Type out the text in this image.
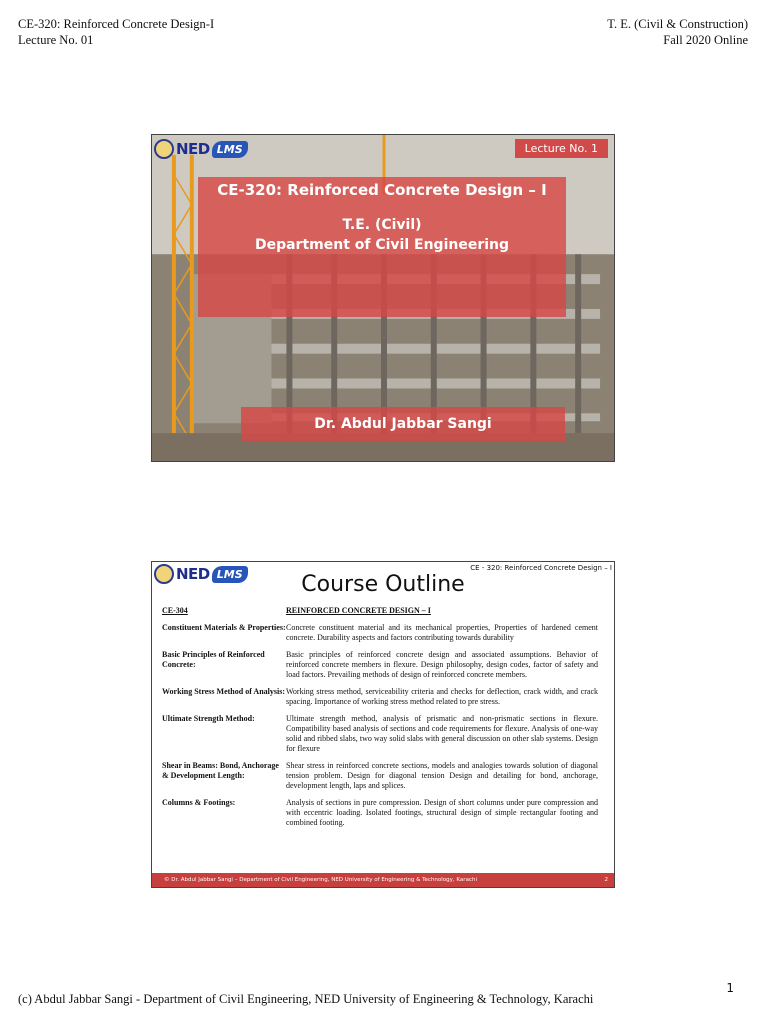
CE-320: Reinforced Concrete Design-I
Lecture No. 01
T. E. (Civil & Construction)
Fall 2020 Online
NED LMS	Lecture No. 1
CE-320: Reinforced Concrete Design – I
T.E. (Civil)
Department of Civil Engineering
Dr. Abdul Jabbar Sangi
NED LMS	CE - 320: Reinforced Concrete Design – I
Course Outline
CE-304	REINFORCED CONCRETE DESIGN – I
Constituent Materials & Properties: Concrete constituent material and its mechanical properties, Properties of hardened cement concrete. Durability aspects and factors contributing towards durability
Basic Principles of Reinforced Concrete:
Basic principles of reinforced concrete design and associated assumptions. Behavior of reinforced concrete members in flexure. Design philosophy, design codes, factor of safety and load factors. Prevailing methods of design of reinforced concrete members.
Working Stress Method of Analysis: Working stress method, serviceability criteria and checks for deflection, crack width, and crack spacing. Importance of working stress method related to pre stress.
Ultimate Strength Method:	Ultimate strength method, analysis of prismatic and non-prismatic sections in flexure. Compatibility based analysis of sections and code requirements for flexure. Analysis of one-way solid and ribbed slabs, two way solid slabs with general discussion on other slab systems. Design for flexure
Shear in Beams: Bond, Anchorage & Development Length:
Shear stress in reinforced concrete sections, models and analogies towards solution of diagonal tension problem. Design for diagonal tension Design and detailing for bond, anchorage, development length, laps and splices.
Columns & Footings:	Analysis of sections in pure compression. Design of short columns under pure compression and with eccentric loading. Isolated footings, structural design of simple rectangular footing and combined footing.
© Dr. Abdul Jabbar Sangi – Department of Civil Engineering, NED University of Engineering & Technology, Karachi	2
1
(c) Abdul Jabbar Sangi - Department of Civil Engineering, NED University of Engineering & Technology, Karachi
